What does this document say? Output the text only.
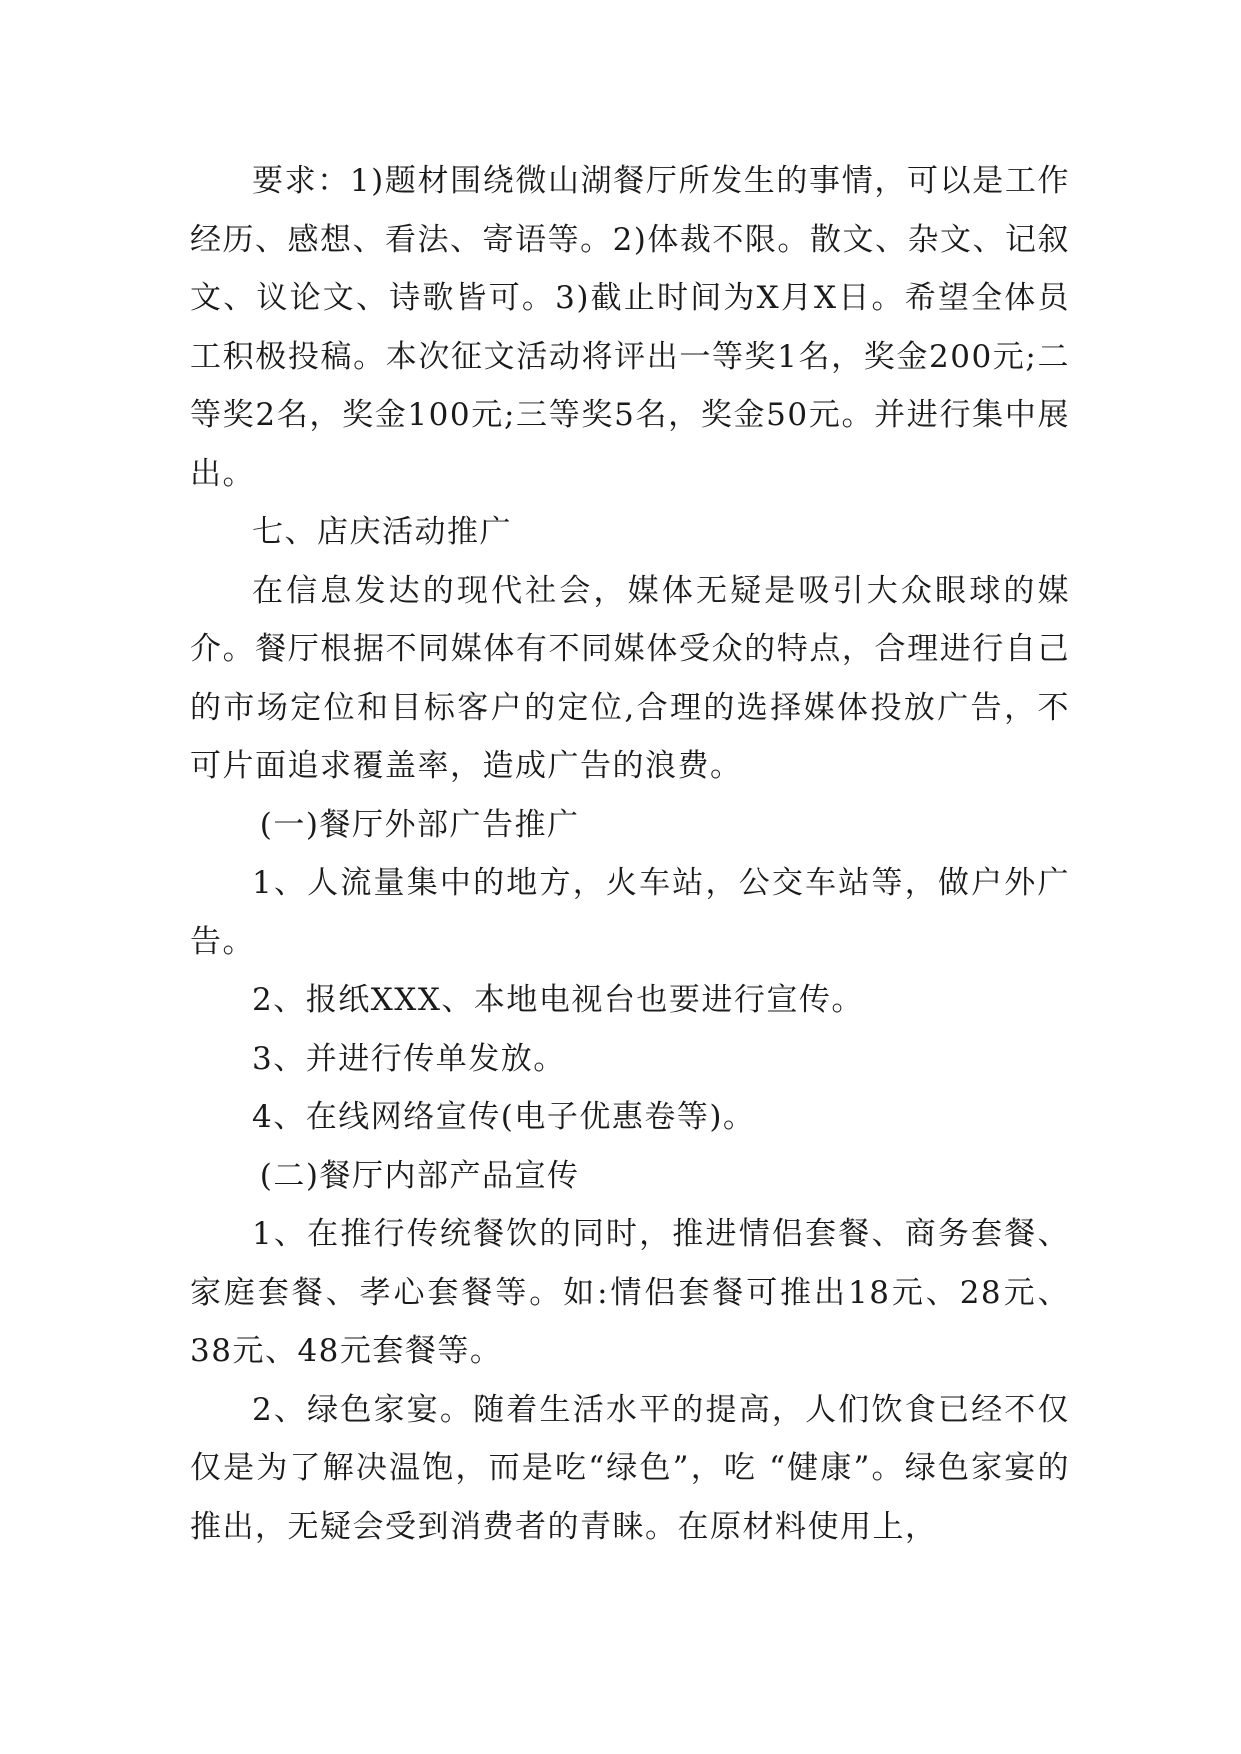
要求：1)题材围绕微山湖餐厅所发生的事情，可以是工作经历、感想、看法、寄语等。2)体裁不限。散文、杂文、记叙文、议论文、诗歌皆可。3)截止时间为X月X日。希望全体员工积极投稿。本次征文活动将评出一等奖1名，奖金200元;二等奖2名，奖金100元;三等奖5名，奖金50元。并进行集中展出。

七、店庆活动推广

在信息发达的现代社会，媒体无疑是吸引大众眼球的媒介。餐厅根据不同媒体有不同媒体受众的特点，合理进行自己的市场定位和目标客户的定位,合理的选择媒体投放广告，不可片面追求覆盖率，造成广告的浪费。

(一)餐厅外部广告推广

1、人流量集中的地方，火车站，公交车站等，做户外广告。

2、报纸XXX、本地电视台也要进行宣传。

3、并进行传单发放。

4、在线网络宣传(电子优惠卷等)。

(二)餐厅内部产品宣传

1、在推行传统餐饮的同时，推进情侣套餐、商务套餐、家庭套餐、孝心套餐等。如:情侣套餐可推出18元、28元、38元、48元套餐等。

2、绿色家宴。随着生活水平的提高，人们饮食已经不仅仅是为了解决温饱，而是吃“绿色”，吃 “健康”。绿色家宴的推出，无疑会受到消费者的青睐。在原材料使用上，
